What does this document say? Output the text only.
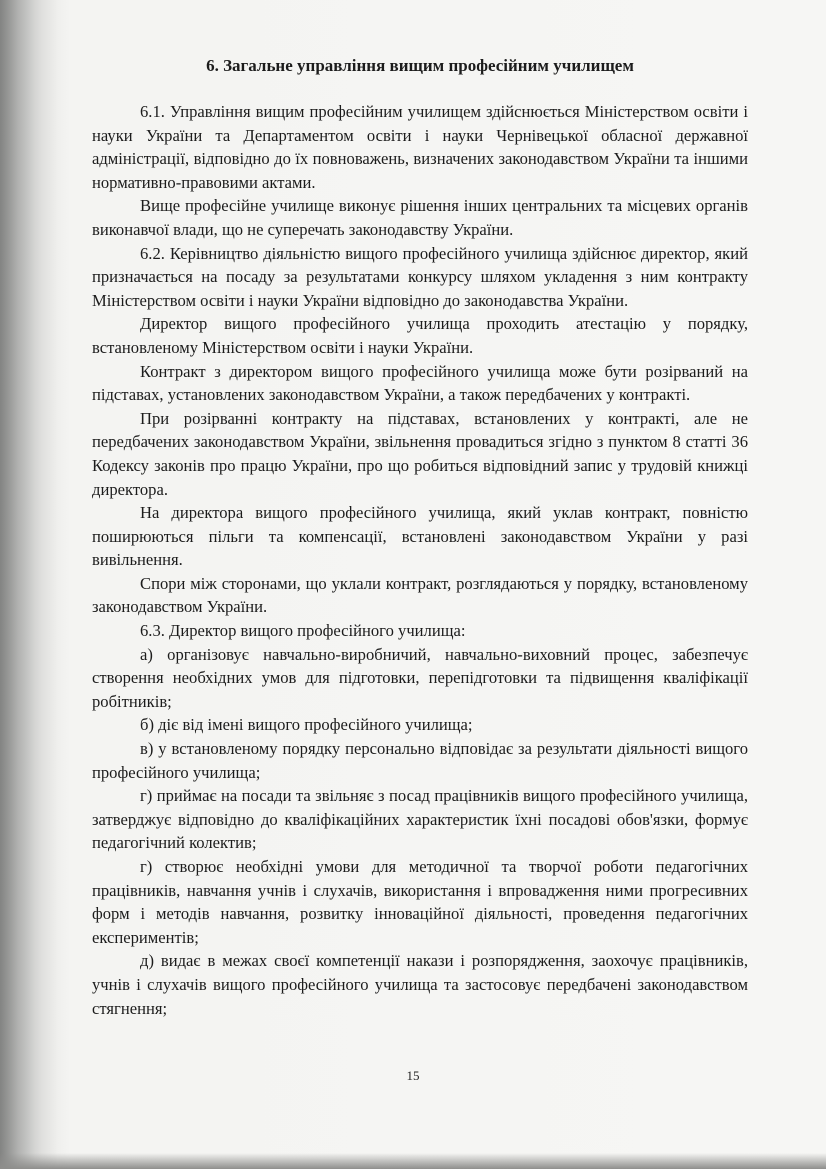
6. Загальне управління вищим професійним училищем

6.1. Управління вищим професійним училищем здійснюється Міністерством освіти і науки України та Департаментом освіти і науки Чернівецької обласної державної адміністрації, відповідно до їх повноважень, визначених законодавством України та іншими нормативно-правовими актами.

Вище професійне училище виконує рішення інших центральних та місцевих органів виконавчої влади, що не суперечать законодавству України.

6.2. Керівництво діяльністю вищого професійного училища здійснює директор, який призначається на посаду за результатами конкурсу шляхом укладення з ним контракту Міністерством освіти і науки України відповідно до законодавства України.

Директор вищого професійного училища проходить атестацію у порядку, встановленому Міністерством освіти і науки України.

Контракт з директором вищого професійного училища може бути розірваний на підставах, установлених законодавством України, а також передбачених у контракті.

При розірванні контракту на підставах, встановлених у контракті, але не передбачених законодавством України, звільнення провадиться згідно з пунктом 8 статті 36 Кодексу законів про працю України, про що робиться відповідний запис у трудовій книжці директора.

На директора вищого професійного училища, який уклав контракт, повністю поширюються пільги та компенсації, встановлені законодавством України у разі вивільнення.

Спори між сторонами, що уклали контракт, розглядаються у порядку, встановленому законодавством України.

6.3. Директор вищого професійного училища:

а) організовує навчально-виробничий, навчально-виховний процес, забезпечує створення необхідних умов для підготовки, перепідготовки та підвищення кваліфікації робітників;

б) діє від імені вищого професійного училища;

в) у встановленому порядку персонально відповідає за результати діяльності вищого професійного училища;

г) приймає на посади та звільняє з посад працівників вищого професійного училища, затверджує відповідно до кваліфікаційних характеристик їхні посадові обов'язки, формує педагогічний колектив;

г) створює необхідні умови для методичної та творчої роботи педагогічних працівників, навчання учнів і слухачів, використання і впровадження ними прогресивних форм і методів навчання, розвитку інноваційної діяльності, проведення педагогічних експериментів;

д) видає в межах своєї компетенції накази і розпорядження, заохочує працівників, учнів і слухачів вищого професійного училища та застосовує передбачені законодавством стягнення;

15
